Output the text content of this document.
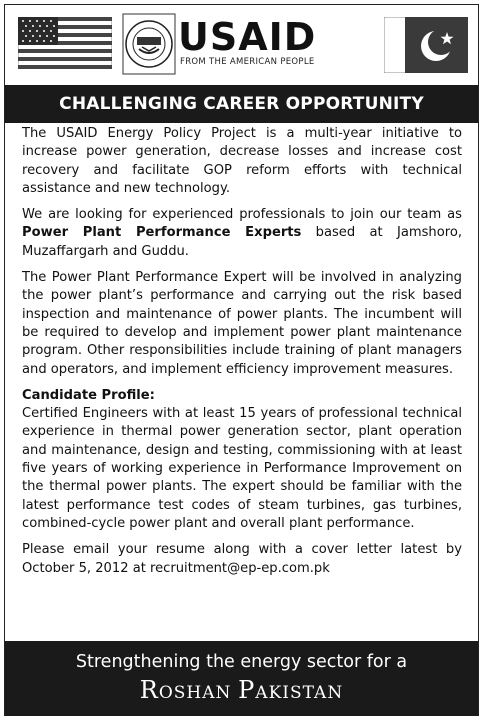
USAID
FROM THE AMERICAN PEOPLE
CHALLENGING CAREER OPPORTUNITY

The USAID Energy Policy Project is a multi-year initiative to increase power generation, decrease losses and increase cost recovery and facilitate GOP reform efforts with technical assistance and new technology.

We are looking for experienced professionals to join our team as Power Plant Performance Experts based at Jamshoro, Muzaffargarh and Guddu.

The Power Plant Performance Expert will be involved in analyzing the power plant’s performance and carrying out the risk based inspection and maintenance of power plants. The incumbent will be required to develop and implement power plant maintenance program. Other responsibilities include training of plant managers and operators, and implement efficiency improvement measures.

Candidate Profile:

Certified Engineers with at least 15 years of professional technical experience in thermal power generation sector, plant operation and maintenance, design and testing, commissioning with at least five years of working experience in Performance Improvement on the thermal power plants. The expert should be familiar with the latest performance test codes of steam turbines, gas turbines, combined-cycle power plant and overall plant performance.

Please email your resume along with a cover letter latest by October 5, 2012 at recruitment@ep-ep.com.pk

Strengthening the energy sector for a
Roshan Pakistan
